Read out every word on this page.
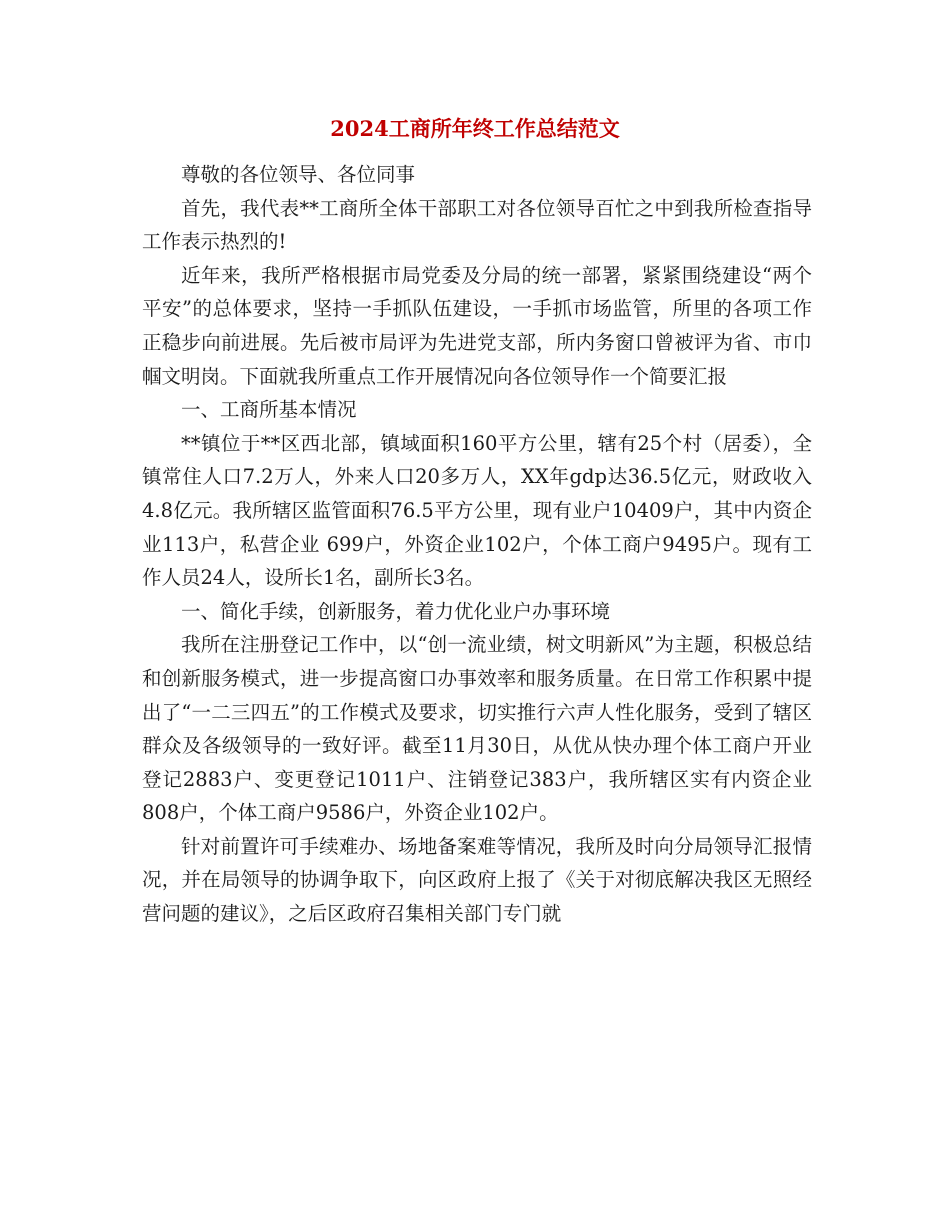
2024工商所年终工作总结范文

尊敬的各位领导、各位同事

首先，我代表**工商所全体干部职工对各位领导百忙之中到我所检查指导工作表示热烈的!

近年来，我所严格根据市局党委及分局的统一部署，紧紧围绕建设“两个平安”的总体要求，坚持一手抓队伍建设，一手抓市场监管，所里的各项工作正稳步向前进展。先后被市局评为先进党支部，所内务窗口曾被评为省、市巾帼文明岗。下面就我所重点工作开展情况向各位领导作一个简要汇报

一、工商所基本情况

**镇位于**区西北部，镇域面积160平方公里，辖有25个村（居委），全镇常住人口7.2万人，外来人口20多万人，XX年gdp达36.5亿元，财政收入4.8亿元。我所辖区监管面积76.5平方公里，现有业户10409户，其中内资企业113户，私营企业 699户，外资企业102户，个体工商户9495户。现有工作人员24人，设所长1名，副所长3名。

一、简化手续，创新服务，着力优化业户办事环境

我所在注册登记工作中，以“创一流业绩，树文明新风”为主题，积极总结和创新服务模式，进一步提高窗口办事效率和服务质量。在日常工作积累中提出了“一二三四五”的工作模式及要求，切实推行六声人性化服务，受到了辖区群众及各级领导的一致好评。截至11月30日，从优从快办理个体工商户开业登记2883户、变更登记1011户、注销登记383户，我所辖区实有内资企业808户，个体工商户9586户，外资企业102户。

针对前置许可手续难办、场地备案难等情况，我所及时向分局领导汇报情况，并在局领导的协调争取下，向区政府上报了《关于对彻底解决我区无照经营问题的建议》，之后区政府召集相关部门专门就
